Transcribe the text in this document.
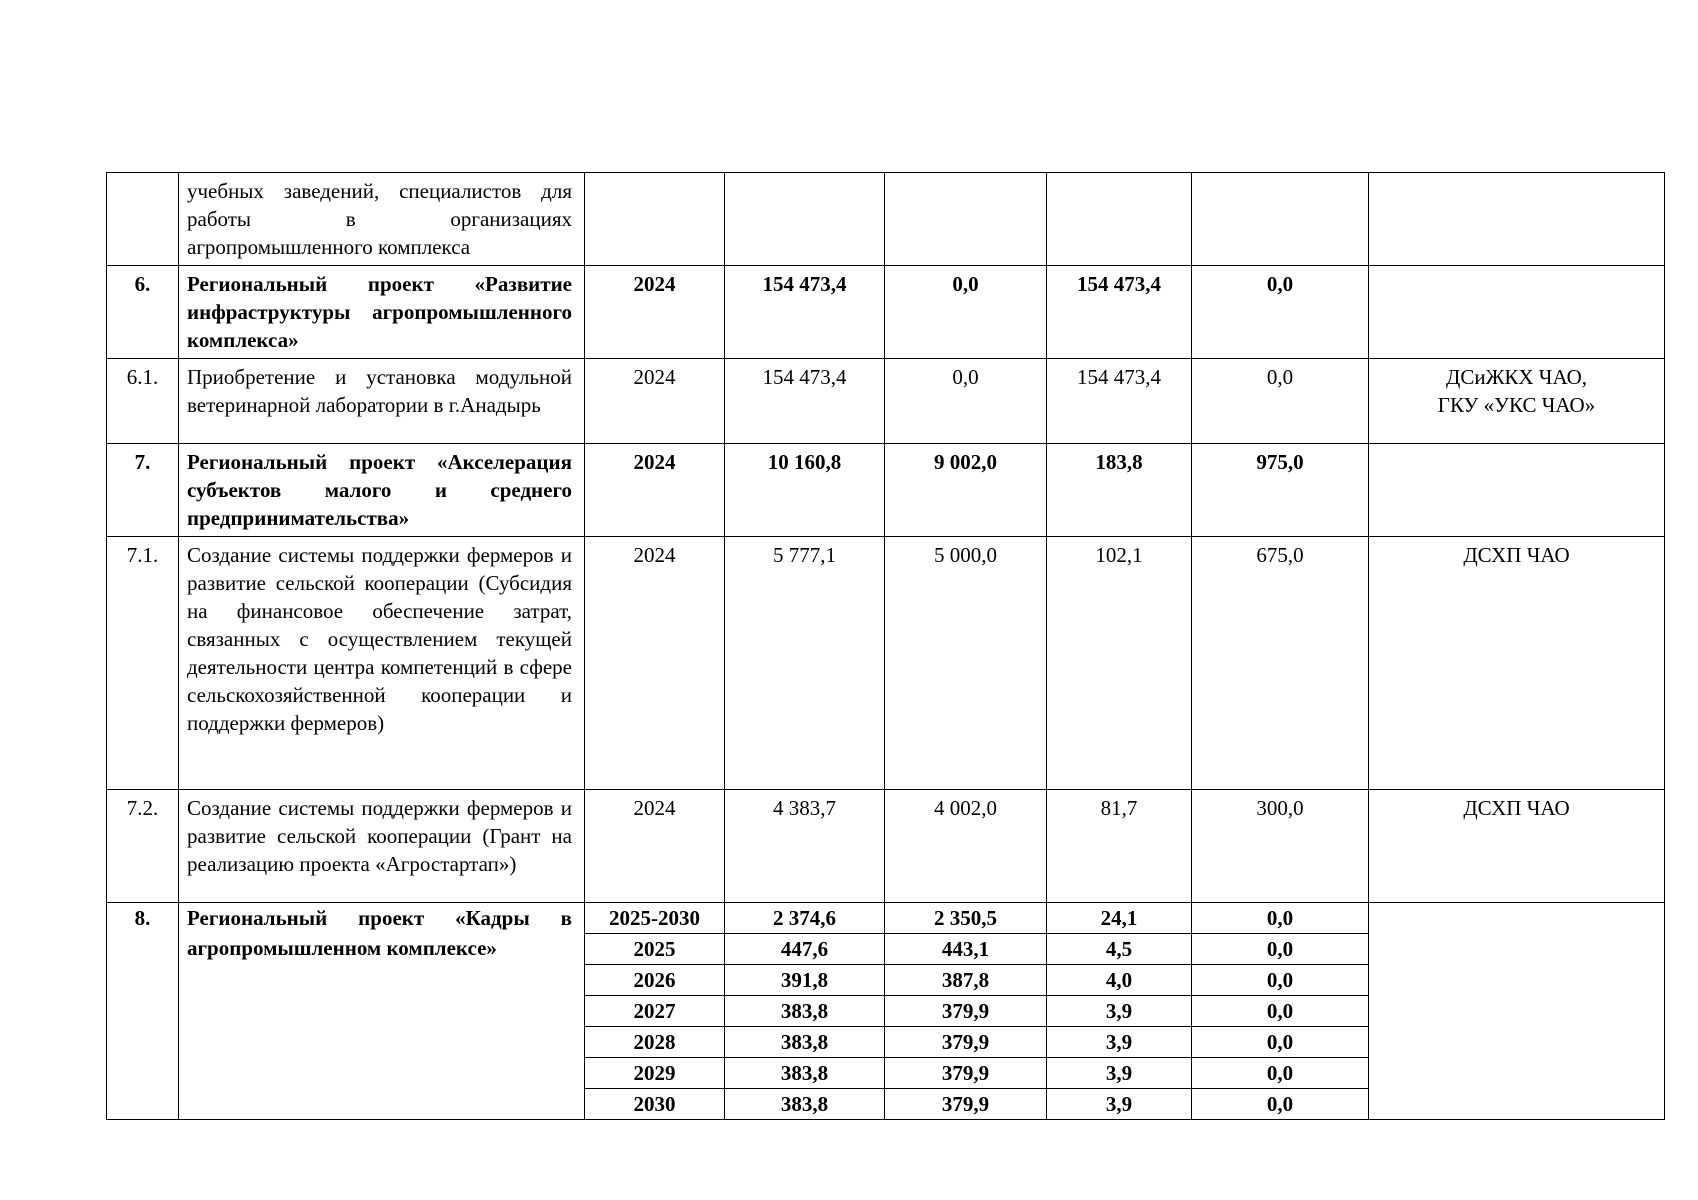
	учебных заведений, специалистов для работы в организациях агропромышленного комплекса						
6.	Региональный проект «Развитие инфраструктуры агропромышленного комплекса»	2024	154 473,4	0,0	154 473,4	0,0	
6.1.	Приобретение и установка модульной ветеринарной лаборатории в г.Анадырь	2024	154 473,4	0,0	154 473,4	0,0	ДСиЖКХ ЧАО,
ГКУ «УКС ЧАО»

7.	Региональный проект «Акселерация субъектов малого и среднего предпринимательства»	2024	10 160,8	9 002,0	183,8	975,0	
7.1.	Создание системы поддержки фермеров и развитие сельской кооперации (Субсидия на финансовое обеспечение затрат, связанных с осуществлением текущей деятельности центра компетенций в сфере сельскохозяйственной кооперации и поддержки фермеров)	2024	5 777,1	5 000,0	102,1	675,0	ДСХП ЧАО
7.2.	Создание системы поддержки фермеров и развитие сельской кооперации (Грант на реализацию проекта «Агростартап»)	2024	4 383,7	4 002,0	81,7	300,0	ДСХП ЧАО
8.	Региональный проект «Кадры в агропромышленном комплексе»	2025-2030	2 374,6	2 350,5	24,1	0,0	
		2025	447,6	443,1	4,5	0,0	
		2026	391,8	387,8	4,0	0,0	
		2027	383,8	379,9	3,9	0,0	
		2028	383,8	379,9	3,9	0,0	
		2029	383,8	379,9	3,9	0,0	
		2030	383,8	379,9	3,9	0,0	
